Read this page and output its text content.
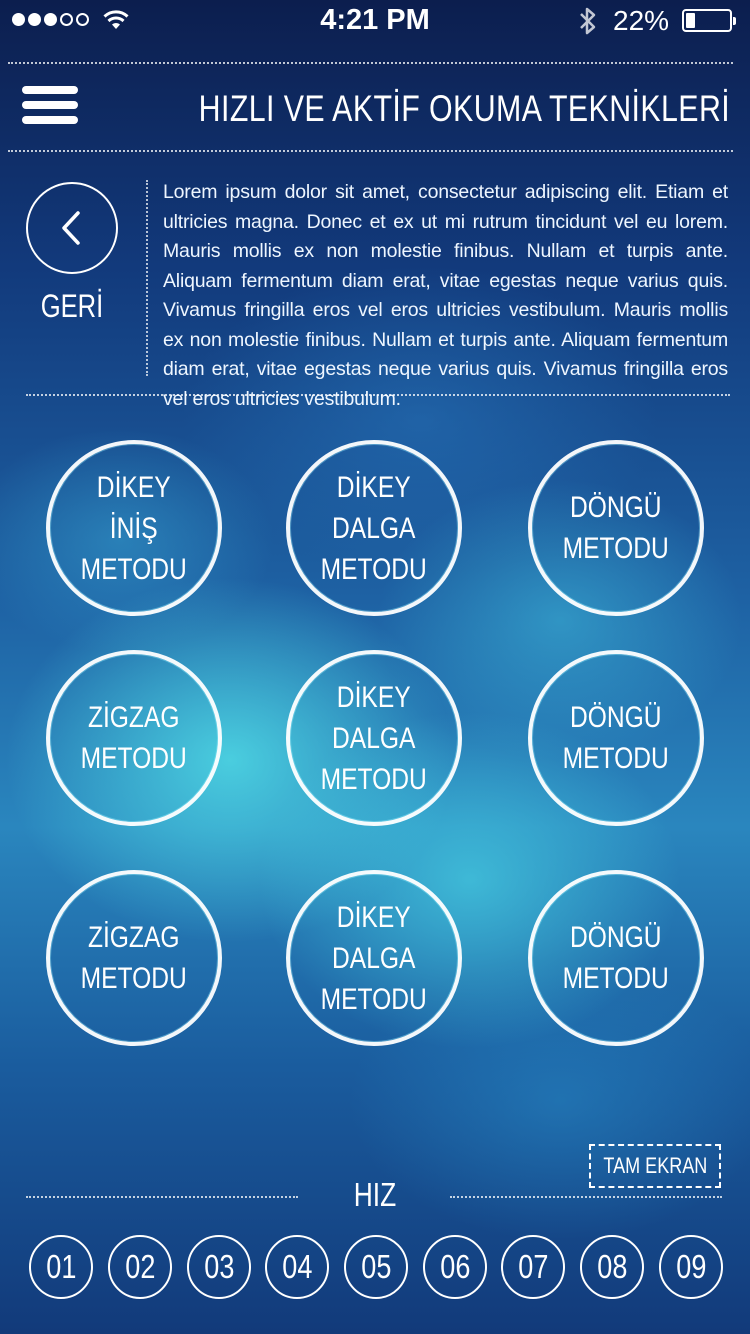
4:21 PM	22%
HIZLI VE AKTİF OKUMA TEKNİKLERİ
GERİ
Lorem ipsum dolor sit amet, consectetur adipiscing elit. Etiam et ultricies magna. Donec et ex ut mi rutrum tincidunt vel eu lorem. Mauris mollis ex non molestie finibus. Nullam et turpis ante. Aliquam fermentum diam erat, vitae egestas neque varius quis. Vivamus fringilla eros vel eros ultricies vestibulum. Mauris mollis ex non molestie finibus. Nullam et turpis ante. Aliquam fermentum diam erat, vitae egestas neque varius quis. Vivamus fringilla eros vel eros ultricies vestibulum.
DİKEY
İNİŞ
METODU
DİKEY
DALGA
METODU
DÖNGÜ
METODU
ZİGZAG
METODU
DİKEY
DALGA
METODU
DÖNGÜ
METODU
ZİGZAG
METODU
DİKEY
DALGA
METODU
DÖNGÜ
METODU
TAM EKRAN
HIZ
01 02 03 04 05 06 07 08 09
